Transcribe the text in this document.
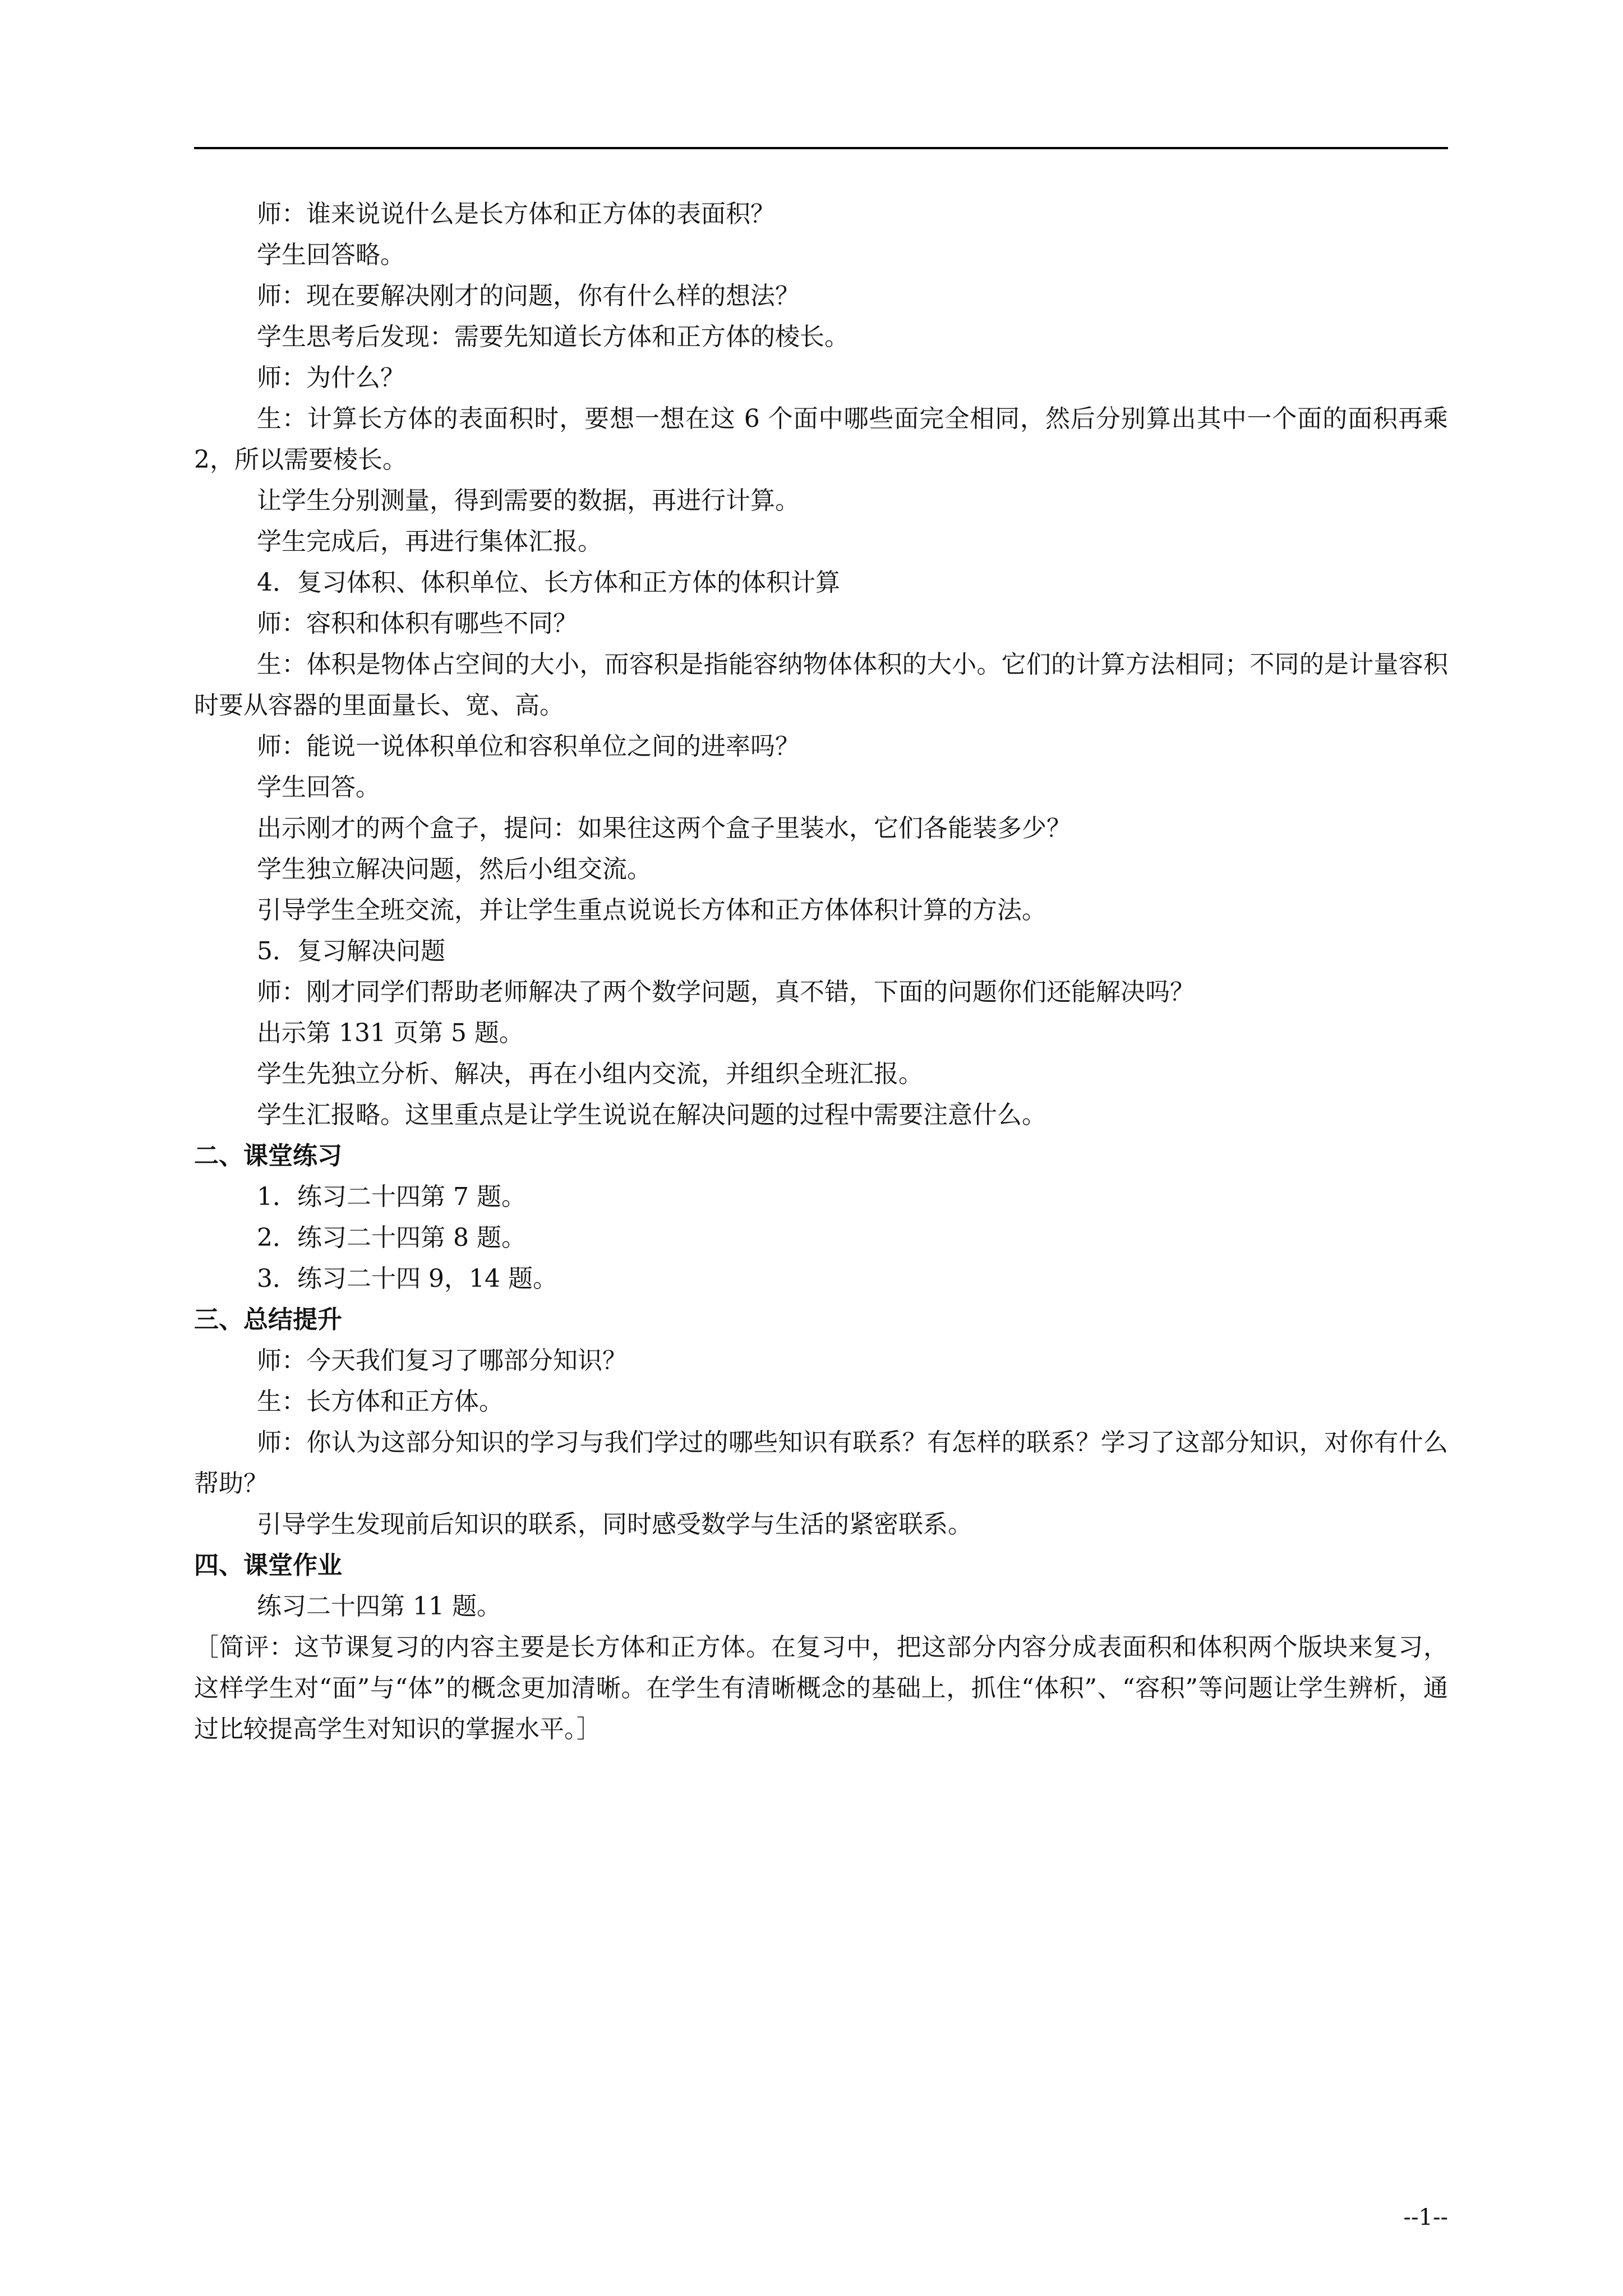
师：谁来说说什么是长方体和正方体的表面积？

学生回答略。

师：现在要解决刚才的问题，你有什么样的想法？

学生思考后发现：需要先知道长方体和正方体的棱长。

师：为什么？

生：计算长方体的表面积时，要想一想在这 6 个面中哪些面完全相同，然后分别算出其中一个面的面积再乘 2，所以需要棱长。

让学生分别测量，得到需要的数据，再进行计算。

学生完成后，再进行集体汇报。

4．复习体积、体积单位、长方体和正方体的体积计算

师：容积和体积有哪些不同？

生：体积是物体占空间的大小，而容积是指能容纳物体体积的大小。它们的计算方法相同；不同的是计量容积时要从容器的里面量长、宽、高。

师：能说一说体积单位和容积单位之间的进率吗？

学生回答。

出示刚才的两个盒子，提问：如果往这两个盒子里装水，它们各能装多少？

学生独立解决问题，然后小组交流。

引导学生全班交流，并让学生重点说说长方体和正方体体积计算的方法。

5．复习解决问题

师：刚才同学们帮助老师解决了两个数学问题，真不错，下面的问题你们还能解决吗？

出示第 131 页第 5 题。

学生先独立分析、解决，再在小组内交流，并组织全班汇报。

学生汇报略。这里重点是让学生说说在解决问题的过程中需要注意什么。

二、课堂练习

1．练习二十四第 7 题。

2．练习二十四第 8 题。

3．练习二十四 9，14 题。

三、总结提升

师：今天我们复习了哪部分知识？

生：长方体和正方体。

师：你认为这部分知识的学习与我们学过的哪些知识有联系？有怎样的联系？学习了这部分知识，对你有什么帮助？

引导学生发现前后知识的联系，同时感受数学与生活的紧密联系。

四、课堂作业

练习二十四第 11 题。

［简评：这节课复习的内容主要是长方体和正方体。在复习中，把这部分内容分成表面积和体积两个版块来复习，这样学生对“面”与“体”的概念更加清晰。在学生有清晰概念的基础上，抓住“体积”、“容积”等问题让学生辨析，通过比较提高学生对知识的掌握水平。］

--1--
